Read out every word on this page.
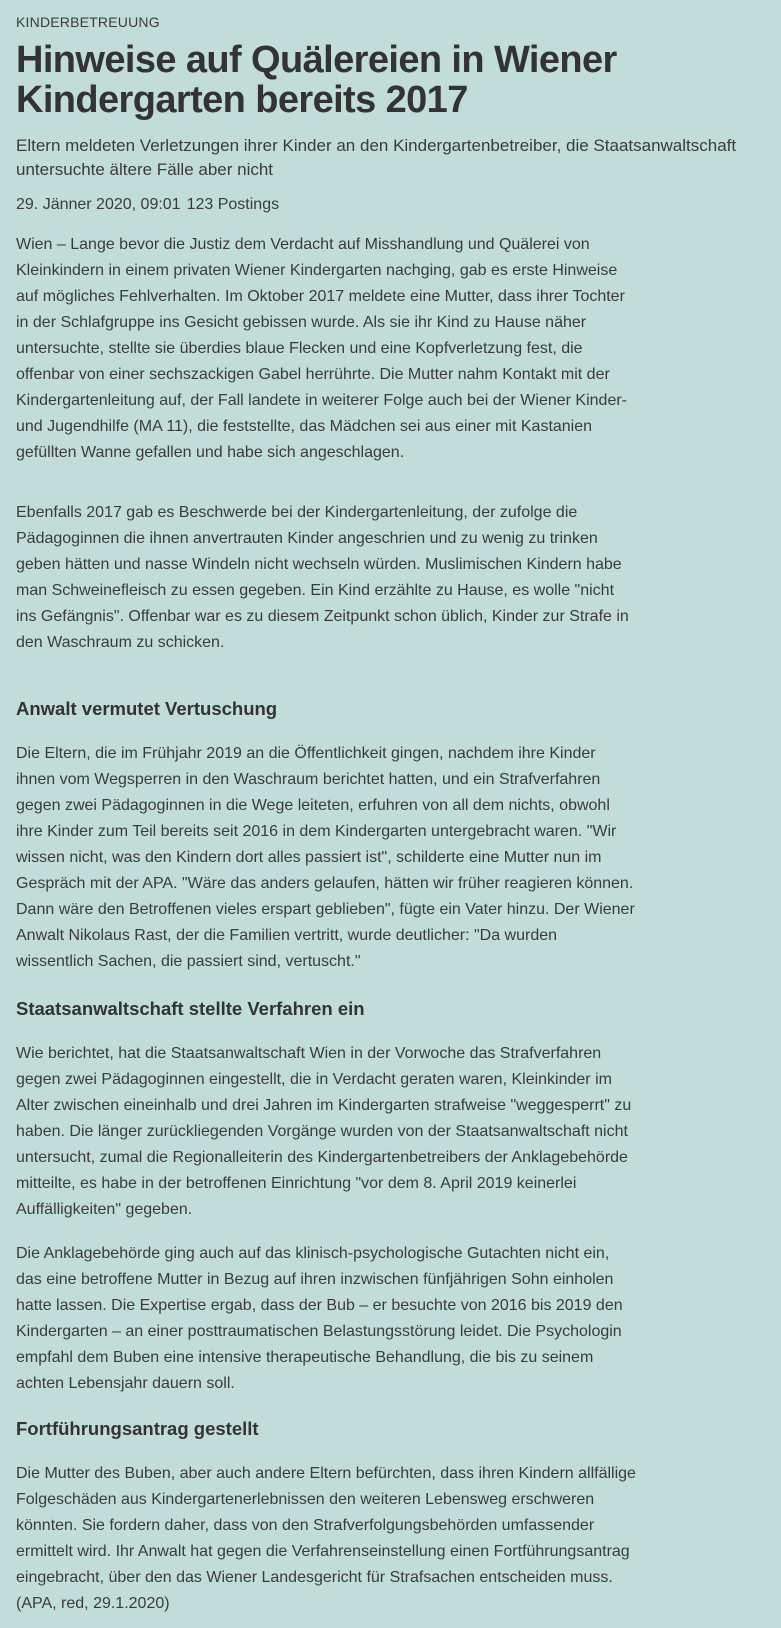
KINDERBETREUUNG
Hinweise auf Quälereien in Wiener Kindergarten bereits 2017

Eltern meldeten Verletzungen ihrer Kinder an den Kindergartenbetreiber, die Staatsanwaltschaft untersuchte ältere Fälle aber nicht

29. Jänner 2020, 09:01 123 Postings

Wien – Lange bevor die Justiz dem Verdacht auf Misshandlung und Quälerei von Kleinkindern in einem privaten Wiener Kindergarten nachging, gab es erste Hinweise auf mögliches Fehlverhalten. Im Oktober 2017 meldete eine Mutter, dass ihrer Tochter in der Schlafgruppe ins Gesicht gebissen wurde. Als sie ihr Kind zu Hause näher untersuchte, stellte sie überdies blaue Flecken und eine Kopfverletzung fest, die offenbar von einer sechszackigen Gabel herrührte. Die Mutter nahm Kontakt mit der Kindergartenleitung auf, der Fall landete in weiterer Folge auch bei der Wiener Kinder- und Jugendhilfe (MA 11), die feststellte, das Mädchen sei aus einer mit Kastanien gefüllten Wanne gefallen und habe sich angeschlagen.

Ebenfalls 2017 gab es Beschwerde bei der Kindergartenleitung, der zufolge die Pädagoginnen die ihnen anvertrauten Kinder angeschrien und zu wenig zu trinken geben hätten und nasse Windeln nicht wechseln würden. Muslimischen Kindern habe man Schweinefleisch zu essen gegeben. Ein Kind erzählte zu Hause, es wolle "nicht ins Gefängnis". Offenbar war es zu diesem Zeitpunkt schon üblich, Kinder zur Strafe in den Waschraum zu schicken.

Anwalt vermutet Vertuschung

Die Eltern, die im Frühjahr 2019 an die Öffentlichkeit gingen, nachdem ihre Kinder ihnen vom Wegsperren in den Waschraum berichtet hatten, und ein Strafverfahren gegen zwei Pädagoginnen in die Wege leiteten, erfuhren von all dem nichts, obwohl ihre Kinder zum Teil bereits seit 2016 in dem Kindergarten untergebracht waren. "Wir wissen nicht, was den Kindern dort alles passiert ist", schilderte eine Mutter nun im Gespräch mit der APA. "Wäre das anders gelaufen, hätten wir früher reagieren können. Dann wäre den Betroffenen vieles erspart geblieben", fügte ein Vater hinzu. Der Wiener Anwalt Nikolaus Rast, der die Familien vertritt, wurde deutlicher: "Da wurden wissentlich Sachen, die passiert sind, vertuscht."

Staatsanwaltschaft stellte Verfahren ein

Wie berichtet, hat die Staatsanwaltschaft Wien in der Vorwoche das Strafverfahren gegen zwei Pädagoginnen eingestellt, die in Verdacht geraten waren, Kleinkinder im Alter zwischen eineinhalb und drei Jahren im Kindergarten strafweise "weggesperrt" zu haben. Die länger zurückliegenden Vorgänge wurden von der Staatsanwaltschaft nicht untersucht, zumal die Regionalleiterin des Kindergartenbetreibers der Anklagebehörde mitteilte, es habe in der betroffenen Einrichtung "vor dem 8. April 2019 keinerlei Auffälligkeiten" gegeben.

Die Anklagebehörde ging auch auf das klinisch-psychologische Gutachten nicht ein, das eine betroffene Mutter in Bezug auf ihren inzwischen fünfjährigen Sohn einholen hatte lassen. Die Expertise ergab, dass der Bub – er besuchte von 2016 bis 2019 den Kindergarten – an einer posttraumatischen Belastungsstörung leidet. Die Psychologin empfahl dem Buben eine intensive therapeutische Behandlung, die bis zu seinem achten Lebensjahr dauern soll.

Fortführungsantrag gestellt

Die Mutter des Buben, aber auch andere Eltern befürchten, dass ihren Kindern allfällige Folgeschäden aus Kindergartenerlebnissen den weiteren Lebensweg erschweren könnten. Sie fordern daher, dass von den Strafverfolgungsbehörden umfassender ermittelt wird. Ihr Anwalt hat gegen die Verfahrenseinstellung einen Fortführungsantrag eingebracht, über den das Wiener Landesgericht für Strafsachen entscheiden muss. (APA, red, 29.1.2020)
